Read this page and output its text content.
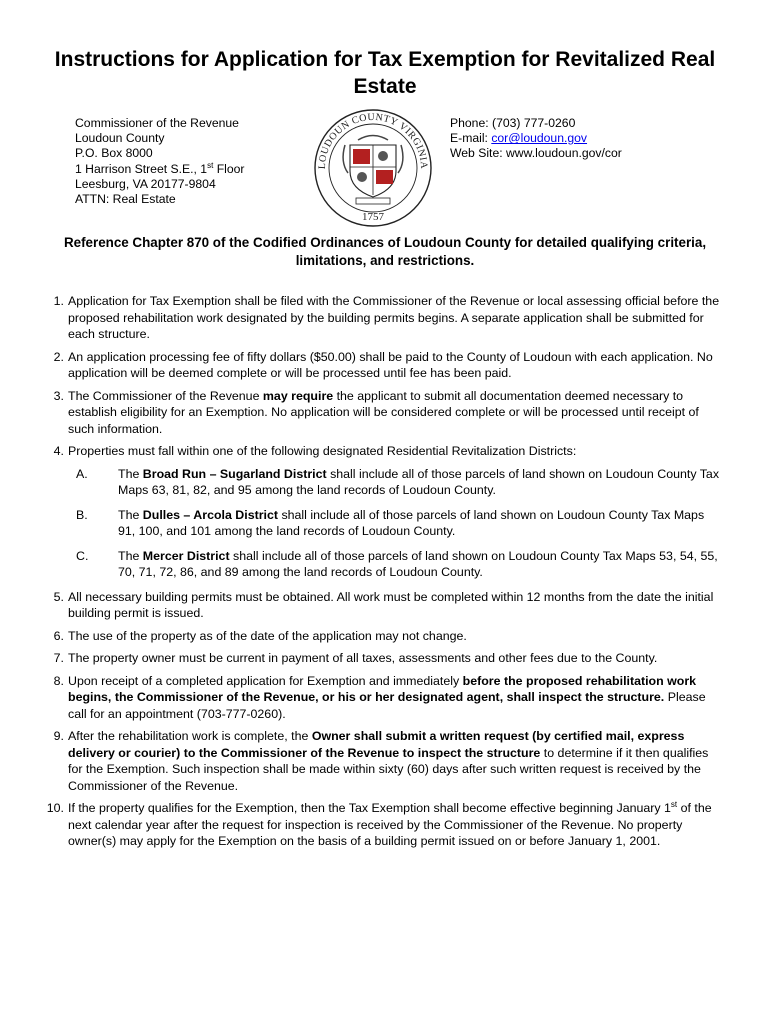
Instructions for Application for Tax Exemption for Revitalized Real Estate
Commissioner of the Revenue
Loudoun County
P.O. Box 8000
1 Harrison Street S.E., 1st Floor
Leesburg, VA 20177-9804
ATTN: Real Estate
LOUDOUN COUNTY VIRGINIA
1757
Phone: (703) 777-0260
E-mail: cor@loudoun.gov
Web Site: www.loudoun.gov/cor
Reference Chapter 870 of the Codified Ordinances of Loudoun County for detailed qualifying criteria, limitations, and restrictions.
1. Application for Tax Exemption shall be filed with the Commissioner of the Revenue or local assessing official before the proposed rehabilitation work designated by the building permits begins. A separate application shall be submitted for each structure.
2. An application processing fee of fifty dollars ($50.00) shall be paid to the County of Loudoun with each application. No application will be deemed complete or will be processed until fee has been paid.
3. The Commissioner of the Revenue may require the applicant to submit all documentation deemed necessary to establish eligibility for an Exemption. No application will be considered complete or will be processed until receipt of such information.
4. Properties must fall within one of the following designated Residential Revitalization Districts:
A. The Broad Run – Sugarland District shall include all of those parcels of land shown on Loudoun County Tax Maps 63, 81, 82, and 95 among the land records of Loudoun County.
B. The Dulles – Arcola District shall include all of those parcels of land shown on Loudoun County Tax Maps 91, 100, and 101 among the land records of Loudoun County.
C. The Mercer District shall include all of those parcels of land shown on Loudoun County Tax Maps 53, 54, 55, 70, 71, 72, 86, and 89 among the land records of Loudoun County.
5. All necessary building permits must be obtained. All work must be completed within 12 months from the date the initial building permit is issued.
6. The use of the property as of the date of the application may not change.
7. The property owner must be current in payment of all taxes, assessments and other fees due to the County.
8. Upon receipt of a completed application for Exemption and immediately before the proposed rehabilitation work begins, the Commissioner of the Revenue, or his or her designated agent, shall inspect the structure. Please call for an appointment (703-777-0260).
9. After the rehabilitation work is complete, the Owner shall submit a written request (by certified mail, express delivery or courier) to the Commissioner of the Revenue to inspect the structure to determine if it then qualifies for the Exemption. Such inspection shall be made within sixty (60) days after such written request is received by the Commissioner of the Revenue.
10. If the property qualifies for the Exemption, then the Tax Exemption shall become effective beginning January 1st of the next calendar year after the request for inspection is received by the Commissioner of the Revenue. No property owner(s) may apply for the Exemption on the basis of a building permit issued on or before January 1, 2001.
